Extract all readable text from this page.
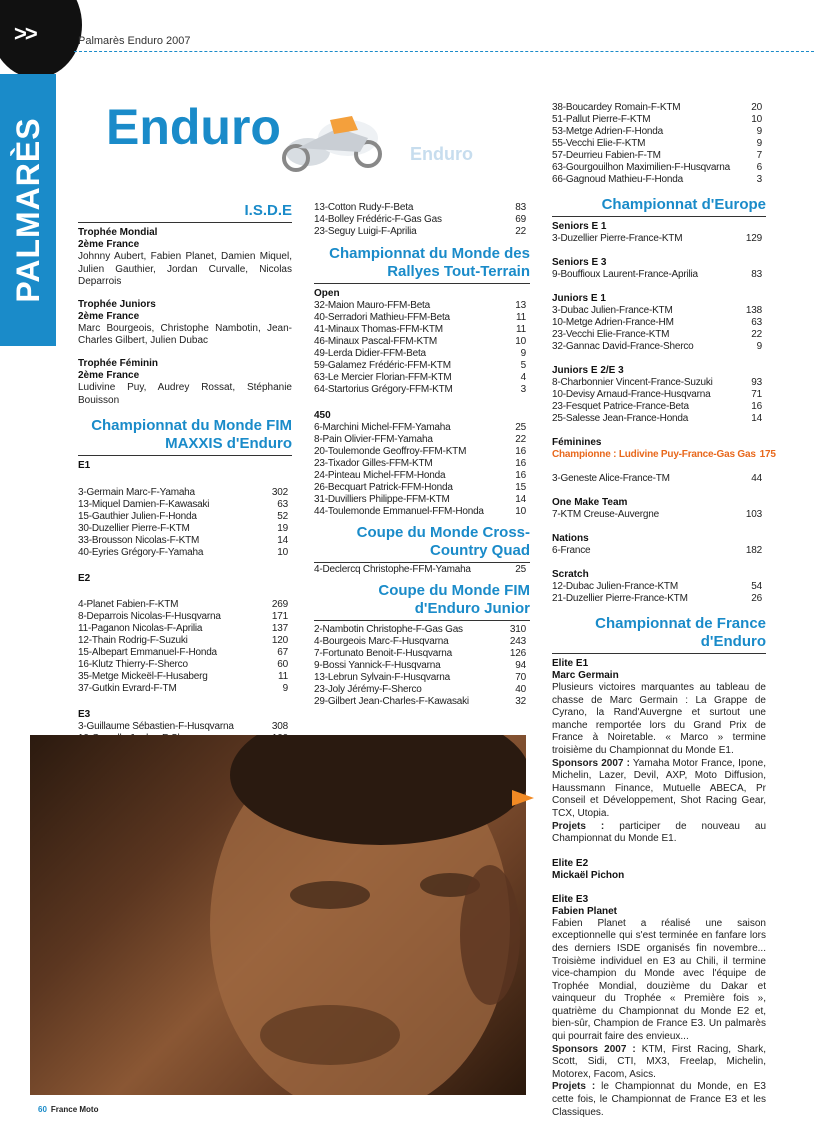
>>	Palmarès Enduro 2007
PALMARÈS Enduro	Enduro
I.S.D.E
Trophée Mondial
2ème France
Johnny Aubert, Fabien Planet, Damien Miquel, Julien Gauthier, Jordan Curvalle, Nicolas Deparrois
Trophée Juniors
2ème France
Marc Bourgeois, Christophe Nambotin, Jean-Charles Gilbert, Julien Dubac
Trophée Féminin
2ème France
Ludivine Puy, Audrey Rossat, Stéphanie Bouisson
Championnat du Monde FIM
MAXXIS d'Enduro
E1
3-Germain Marc-F-Yamaha	302
13-Miquel Damien-F-Kawasaki	63
15-Gauthier Julien-F-Honda	52
30-Duzellier Pierre-F-KTM	19
33-Brousson Nicolas-F-KTM	14
40-Eyries Grégory-F-Yamaha	10
E2
4-Planet Fabien-F-KTM	269
8-Deparrois Nicolas-F-Husqvarna	171
11-Paganon Nicolas-F-Aprilia	137
12-Thain Rodrig-F-Suzuki	120
15-Albepart Emmanuel-F-Honda	67
16-Klutz Thierry-F-Sherco	60
35-Metge Mickeël-F-Husaberg	11
37-Gutkin Evrard-F-TM	9
E3
3-Guillaume Sébastien-F-Husqvarna	308
13-Cotton Rudy-F-Beta	83
14-Bolley Frédéric-F-Gas Gas	69
23-Seguy Luigi-F-Aprilia	22
Championnat du Monde des
Rallyes Tout-Terrain
Open
32-Maion Mauro-FFM-Beta	13
40-Serradori Mathieu-FFM-Beta	11
41-Minaux Thomas-FFM-KTM	11
46-Minaux Pascal-FFM-KTM	10
49-Lerda Didier-FFM-Beta	9
59-Galamez Frédéric-FFM-KTM	5
63-Le Mercier Florian-FFM-KTM	4
64-Startorius Grégory-FFM-KTM	3
450
6-Marchini Michel-FFM-Yamaha	25
8-Pain Olivier-FFM-Yamaha	22
20-Toulemonde Geoffroy-FFM-KTM	16
23-Tixador Gilles-FFM-KTM	16
24-Pinteau Michel-FFM-Honda	16
26-Becquart Patrick-FFM-Honda	15
31-Duvilliers Philippe-FFM-KTM	14
44-Toulemonde Emmanuel-FFM-Honda	10
Coupe du Monde Cross-
Country Quad
4-Declercq Christophe-FFM-Yamaha	25
Coupe du Monde FIM
d'Enduro Junior
2-Nambotin Christophe-F-Gas Gas	310
4-Bourgeois Marc-F-Husqvarna	243
7-Fortunato Benoit-F-Husqvarna	126
9-Bossi Yannick-F-Husqvarna	94
13-Lebrun Sylvain-F-Husqvarna	70
23-Joly Jérémy-F-Sherco	40
29-Gilbert Jean-Charles-F-Kawasaki	32
38-Boucardey Romain-F-KTM	20
51-Pallut Pierre-F-KTM	10
53-Metge Adrien-F-Honda	9
55-Vecchi Elie-F-KTM	9
57-Deurrieu Fabien-F-TM	7
63-Gourgouilhon Maximilien-F-Husqvarna	6
66-Gagnoud Mathieu-F-Honda	3
Championnat d'Europe
Seniors E 1
3-Duzellier Pierre-France-KTM	129
Seniors E 3
9-Bouffioux Laurent-France-Aprilia	83
Juniors E 1
3-Dubac Julien-France-KTM	138
10-Metge Adrien-France-HM	63
23-Vecchi Elie-France-KTM	22
32-Gannac David-France-Sherco	9
Juniors E 2/E 3
8-Charbonnier Vincent-France-Suzuki	93
10-Devisy Arnaud-France-Husqvarna	71
23-Fesquet Patrice-France-Beta	16
25-Salesse Jean-France-Honda	14
Féminines
Championne : Ludivine Puy-France-Gas Gas 175
3-Geneste Alice-France-TM	44
One Make Team
7-KTM Creuse-Auvergne	103
Nations
6-France	182
Scratch
12-Dubac Julien-France-KTM	54
21-Duzellier Pierre-France-KTM	26
Championnat de France
d'Enduro
Elite E1
Marc Germain
Plusieurs victoires marquantes au tableau de chasse de Marc Germain : La Grappe de Cyrano, la Rand'Auvergne et surtout une manche remportée lors du Grand Prix de France à Noiretable. « Marco » termine troisième du Championnat du Monde E1.
Sponsors 2007 : Yamaha Motor France, Ipone, Michelin, Lazer, Devil, AXP, Moto Diffusion, Haussmann Finance, Mutuelle ABECA, Pr Conseil et Développement, Shot Racing Gear, TCX, Utopia.
Projets : participer de nouveau au Championnat du Monde E1.
Elite E2
Mickaël Pichon
Elite E3
Fabien Planet
Fabien Planet a réalisé une saison exceptionnelle qui s'est terminée en fanfare lors des derniers ISDE organisés fin novembre... Troisième individuel en E3 au Chili, il termine vice-champion du Monde avec l'équipe de Trophée Mondial, douzième du Dakar et vainqueur du Trophée « Première fois », quatrième du Championnat du Monde E2 et, bien-sûr, Champion de France E3. Un palmarès qui pourrait faire des envieux...
Sponsors 2007 : KTM, First Racing, Shark, Scott, Sidi, CTI, MX3, Freelap, Michelin, Motorex, Facom, Asics.
Projets : le Championnat du Monde, en E3 cette fois, le Championnat de France E3 et les Classiques.
60 France Moto
